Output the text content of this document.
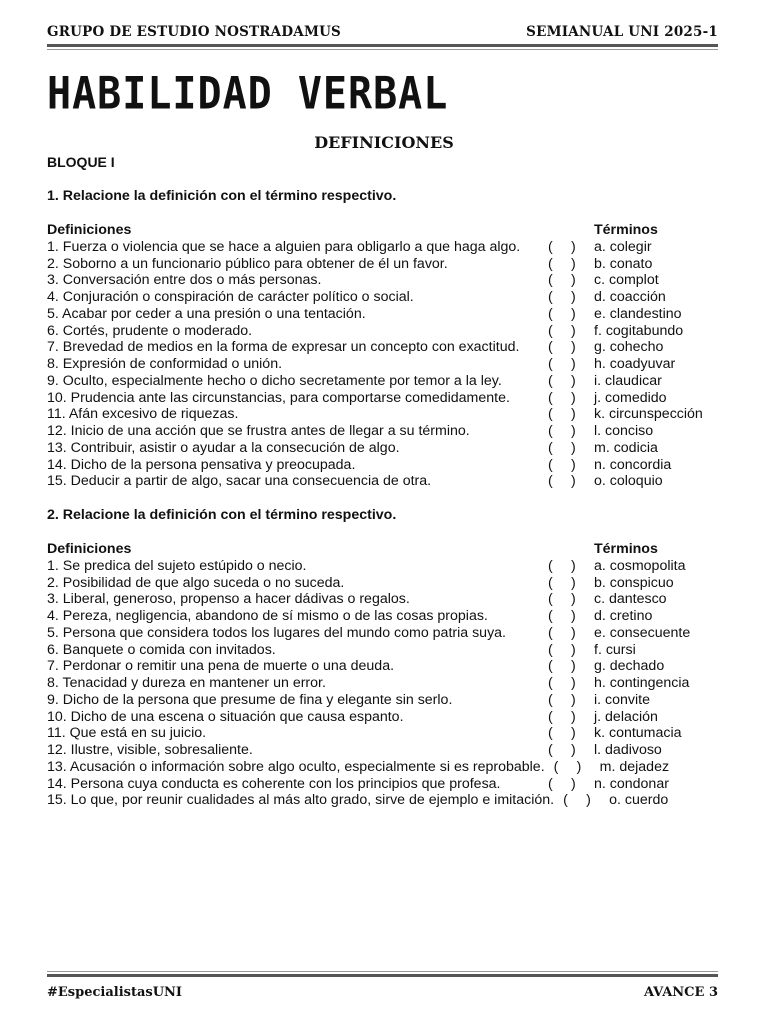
GRUPO DE ESTUDIO NOSTRADAMUS	SEMIANUAL UNI 2025-1
HABILIDAD VERBAL
DEFINICIONES
BLOQUE I
1. Relacione la definición con el término respectivo.
Definiciones	Términos
1. Fuerza o violencia que se hace a alguien para obligarlo a que haga algo. ( ) a. colegir
2. Soborno a un funcionario público para obtener de él un favor.	( ) b. conato
3. Conversación entre dos o más personas.	( ) c. complot
4. Conjuración o conspiración de carácter político o social.	( ) d. coacción
5. Acabar por ceder a una presión o una tentación.	( ) e. clandestino
6. Cortés, prudente o moderado.	( ) f. cogitabundo
7. Brevedad de medios en la forma de expresar un concepto con exactitud. ( ) g. cohecho
8. Expresión de conformidad o unión.	( ) h. coadyuvar
9. Oculto, especialmente hecho o dicho secretamente por temor a la ley.	( ) i. claudicar
10. Prudencia ante las circunstancias, para comportarse comedidamente.	( ) j. comedido
11. Afán excesivo de riquezas.	( ) k. circunspección
12. Inicio de una acción que se frustra antes de llegar a su término.	( ) l. conciso
13. Contribuir, asistir o ayudar a la consecución de algo.	( ) m. codicia
14. Dicho de la persona pensativa y preocupada.	( ) n. concordia
15. Deducir a partir de algo, sacar una consecuencia de otra.	( ) o. coloquio
2. Relacione la definición con el término respectivo.
Definiciones	Términos
1. Se predica del sujeto estúpido o necio.	( ) a. cosmopolita
2. Posibilidad de que algo suceda o no suceda.	( ) b. conspicuo
3. Liberal, generoso, propenso a hacer dádivas o regalos.	( ) c. dantesco
4. Pereza, negligencia, abandono de sí mismo o de las cosas propias.	( ) d. cretino
5. Persona que considera todos los lugares del mundo como patria suya.	( ) e. consecuente
6. Banquete o comida con invitados.	( ) f. cursi
7. Perdonar o remitir una pena de muerte o una deuda.	( ) g. dechado
8. Tenacidad y dureza en mantener un error.	( ) h. contingencia
9. Dicho de la persona que presume de fina y elegante sin serlo.	( ) i. convite
10. Dicho de una escena o situación que causa espanto.	( ) j. delación
11. Que está en su juicio.	( ) k. contumacia
12. Ilustre, visible, sobresaliente.	( ) l. dadivoso
13. Acusación o información sobre algo oculto, especialmente si es reprobable. ( ) m. dejadez
14. Persona cuya conducta es coherente con los principios que profesa.	( ) n. condonar
15. Lo que, por reunir cualidades al más alto grado, sirve de ejemplo e imitación. ( ) o. cuerdo
#EspecialistasUNI	AVANCE 3
